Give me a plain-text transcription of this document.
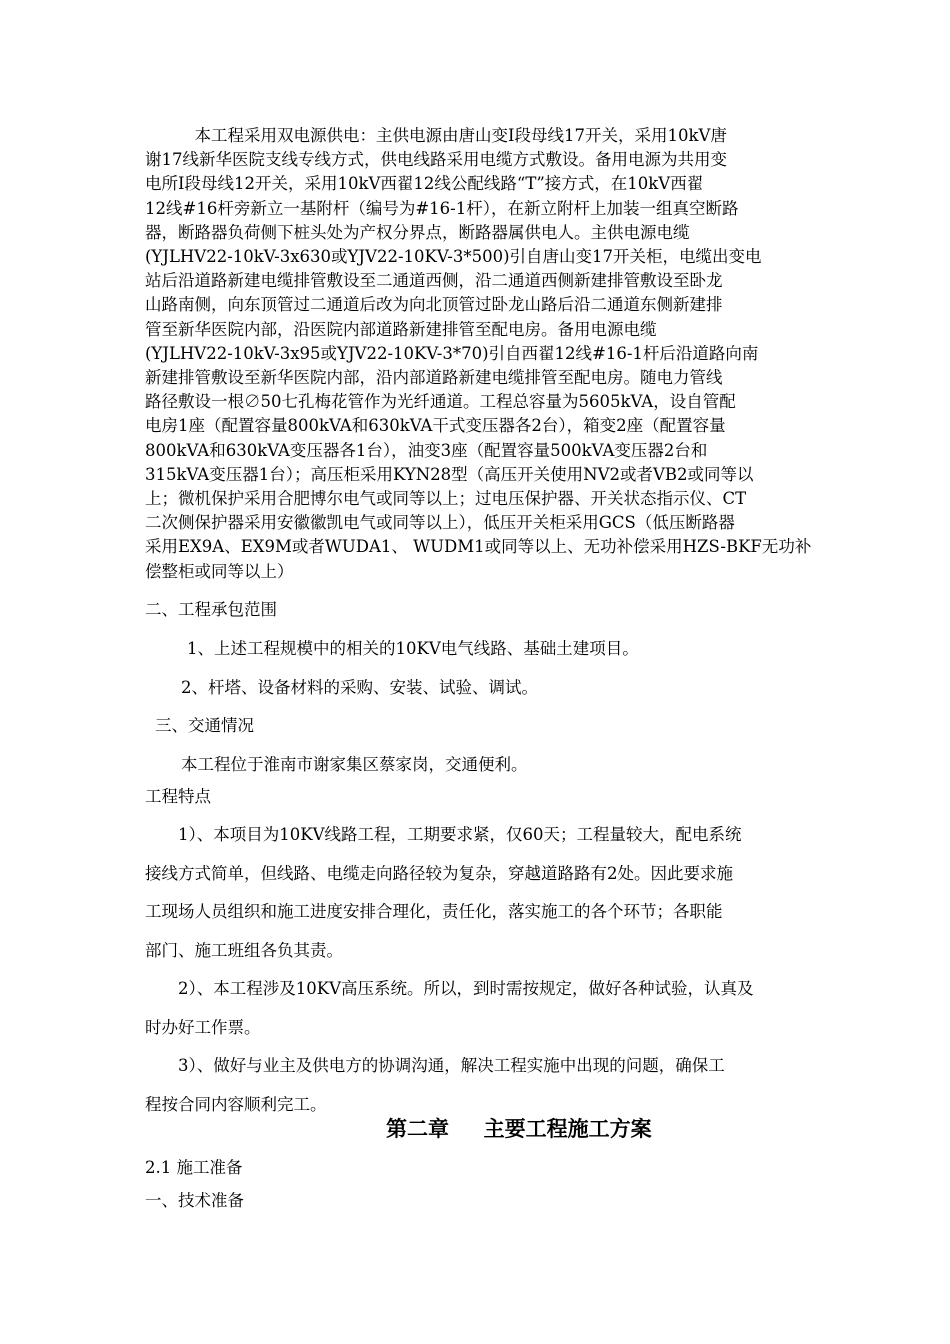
　　　本工程采用双电源供电：主供电源由唐山变Ⅰ段母线17开关，采用10kV唐
谢17线新华医院支线专线方式，供电线路采用电缆方式敷设。备用电源为共用变
电所Ⅰ段母线12开关，采用10kV西翟12线公配线路“T”接方式，在10kV西翟
12线#16杆旁新立一基附杆（编号为#16-1杆），在新立附杆上加装一组真空断路
器，断路器负荷侧下桩头处为产权分界点，断路器属供电人。主供电源电缆
(YJLHV22-10kV-3x630或YJV22-10KV-3*500)引自唐山变17开关柜，电缆出变电
站后沿道路新建电缆排管敷设至二通道西侧，沿二通道西侧新建排管敷设至卧龙
山路南侧，向东顶管过二通道后改为向北顶管过卧龙山路后沿二通道东侧新建排
管至新华医院内部，沿医院内部道路新建排管至配电房。备用电源电缆
(YJLHV22-10kV-3x95或YJV22-10KV-3*70)引自西翟12线#16-1杆后沿道路向南
新建排管敷设至新华医院内部，沿内部道路新建电缆排管至配电房。随电力管线
路径敷设一根∅50七孔梅花管作为光纤通道。工程总容量为5605kVA，设自管配
电房1座（配置容量800kVA和630kVA干式变压器各2台），箱变2座（配置容量
800kVA和630kVA变压器各1台），油变3座（配置容量500kVA变压器2台和
315kVA变压器1台）；高压柜采用KYN28型（高压开关使用NV2或者VB2或同等以
上；微机保护采用合肥博尔电气或同等以上；过电压保护器、开关状态指示仪、CT
二次侧保护器采用安徽徽凯电气或同等以上），低压开关柜采用GCS（低压断路器
采用EX9A、EX9M或者WUDA1、 WUDM1或同等以上、无功补偿采用HZS-BKF无功补
偿整柜或同等以上）

二、工程承包范围

1、上述工程规模中的相关的10KV电气线路、基础土建项目。

2、杆塔、设备材料的采购、安装、试验、调试。

三、交通情况

本工程位于淮南市谢家集区蔡家岗，交通便利。

工程特点

　　1）、本项目为10KV线路工程，工期要求紧，仅60天；工程量较大，配电系统
接线方式简单，但线路、电缆走向路径较为复杂，穿越道路路有2处。因此要求施
工现场人员组织和施工进度安排合理化，责任化，落实施工的各个环节；各职能
部门、施工班组各负其责。
　　2）、本工程涉及10KV高压系统。所以，到时需按规定，做好各种试验，认真及
时办好工作票。
　　3）、做好与业主及供电方的协调沟通，解决工程实施中出现的问题，确保工
程按合同内容顺利完工。
第二章 主要工程施工方案

2.1 施工准备

一、技术准备
